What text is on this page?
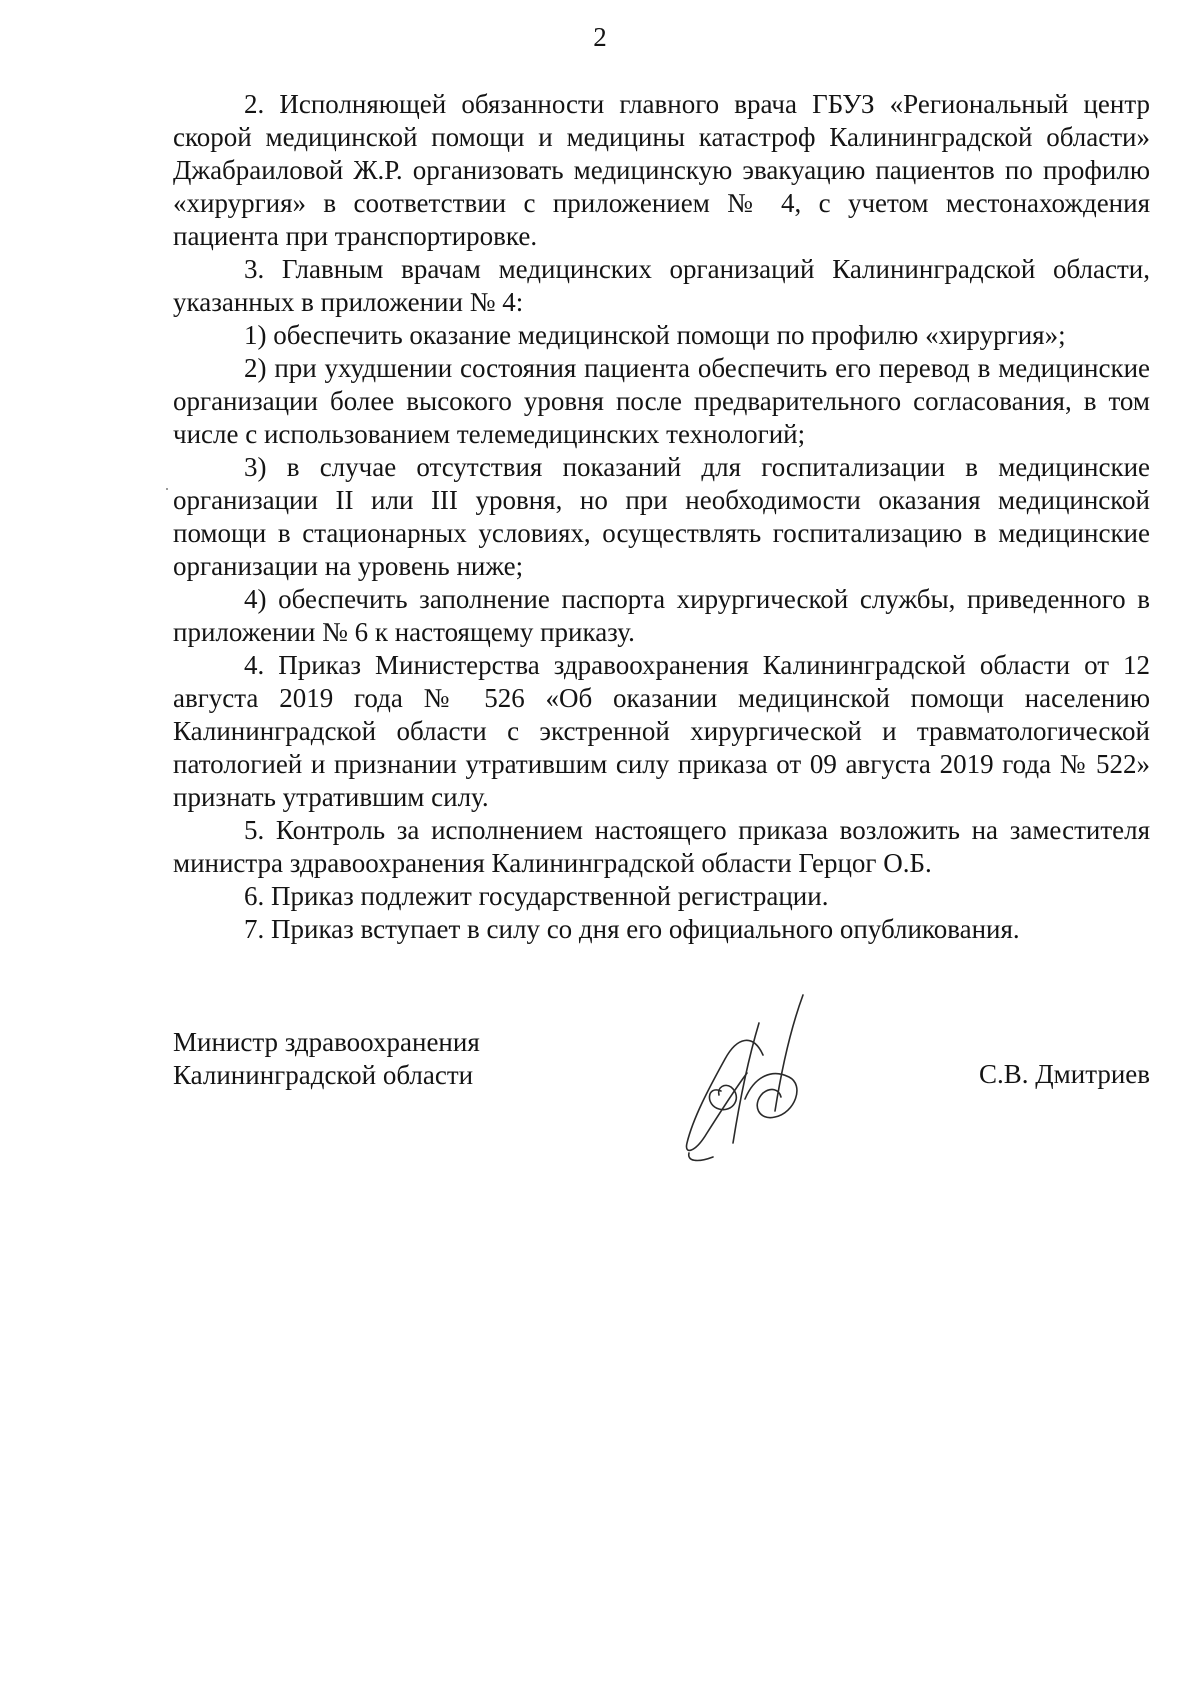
2

2. Исполняющей обязанности главного врача ГБУЗ «Региональный центр скорой медицинской помощи и медицины катастроф Калининградской области» Джабраиловой Ж.Р. организовать медицинскую эвакуацию пациентов по профилю «хирургия» в соответствии с приложением № 4, с учетом местонахождения пациента при транспортировке.

3. Главным врачам медицинских организаций Калининградской области, указанных в приложении № 4:

1) обеспечить оказание медицинской помощи по профилю «хирургия»;

2) при ухудшении состояния пациента обеспечить его перевод в медицинские организации более высокого уровня после предварительного согласования, в том числе с использованием телемедицинских технологий;

3) в случае отсутствия показаний для госпитализации в медицинские организации II или III уровня, но при необходимости оказания медицинской помощи в стационарных условиях, осуществлять госпитализацию в медицинские организации на уровень ниже;

4) обеспечить заполнение паспорта хирургической службы, приведенного в приложении № 6 к настоящему приказу.

4. Приказ Министерства здравоохранения Калининградской области от 12 августа 2019 года № 526 «Об оказании медицинской помощи населению Калининградской области с экстренной хирургической и травматологической патологией и признании утратившим силу приказа от 09 августа 2019 года № 522» признать утратившим силу.

5. Контроль за исполнением настоящего приказа возложить на заместителя министра здравоохранения Калининградской области Герцог О.Б.

6. Приказ подлежит государственной регистрации.

7. Приказ вступает в силу со дня его официального опубликования.

Министр здравоохранения
Калининградской области	С.В. Дмитриев
